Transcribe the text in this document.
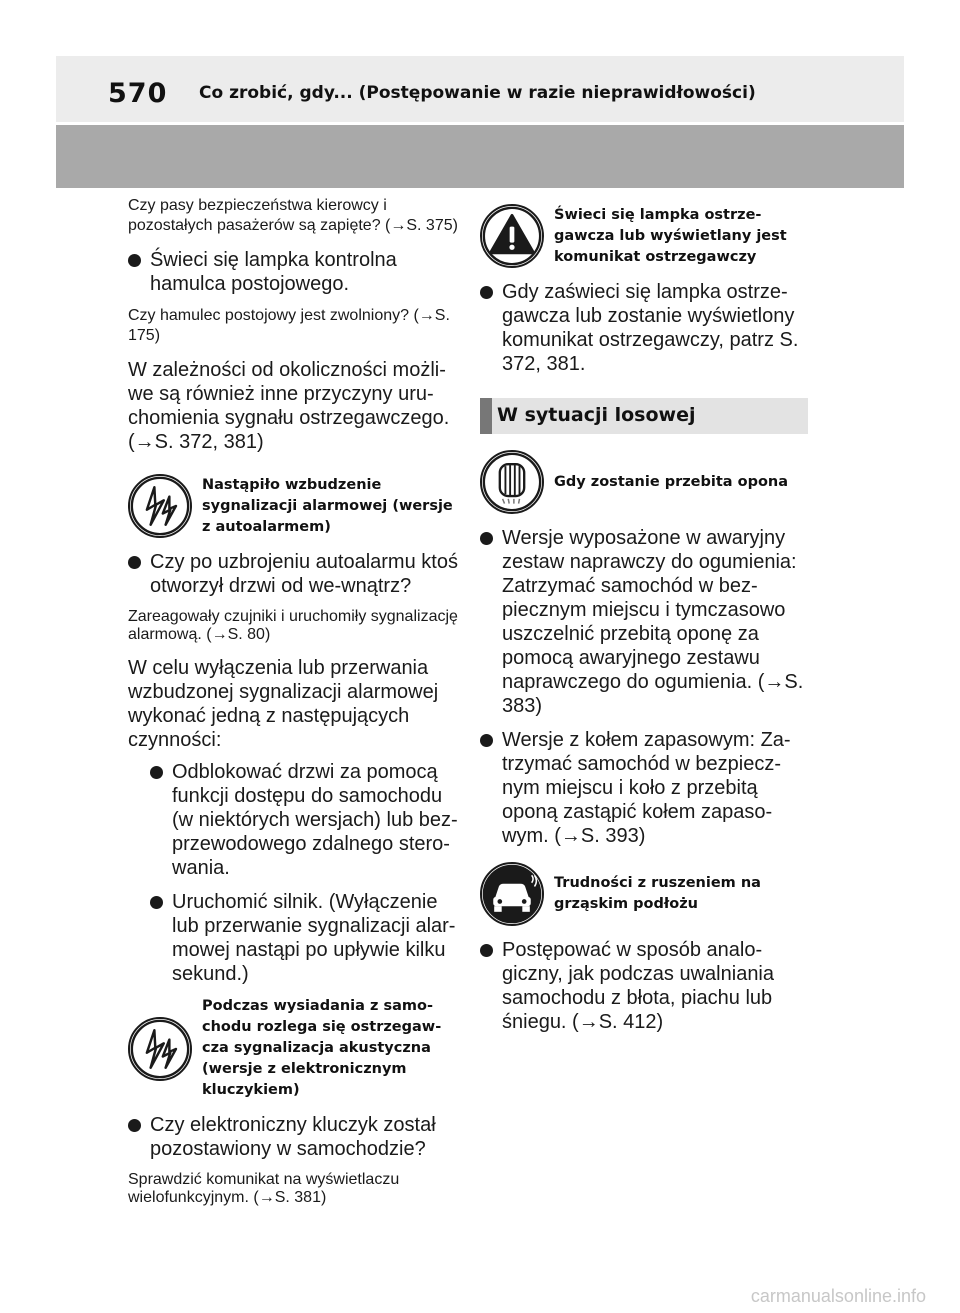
570 Co zrobić, gdy... (Postępowanie w razie nieprawidłowości)

Czy pasy bezpieczeństwa kierowcy i pozostałych pasażerów są zapięte? (→S. 375)

Świeci się lampka kontrolna hamulca postojowego.

Czy hamulec postojowy jest zwolniony? (→S. 175)

W zależności od okoliczności możli-we są również inne przyczyny uru-chomienia sygnału ostrzegawczego. (→S. 372, 381)

Nastąpiło wzbudzenie sygnalizacji alarmowej (wersje z autoalarmem)

Czy po uzbrojeniu autoalarmu ktoś otworzył drzwi od we-wnątrz?

Zareagowały czujniki i uruchomiły sygnalizację alarmową. (→S. 80)

W celu wyłączenia lub przerwania wzbudzonej sygnalizacji alarmowej wykonać jedną z następujących czynności:

Odblokować drzwi za pomocą funkcji dostępu do samochodu (w niektórych wersjach) lub bez-przewodowego zdalnego stero-wania.

Uruchomić silnik. (Wyłączenie lub przerwanie sygnalizacji alar-mowej nastąpi po upływie kilku sekund.)

Podczas wysiadania z samo-chodu rozlega się ostrzegaw-cza sygnalizacja akustyczna (wersje z elektronicznym kluczykiem)

Czy elektroniczny kluczyk został pozostawiony w samochodzie?

Sprawdzić komunikat na wyświetlaczu wielofunkcyjnym. (→S. 381)

Świeci się lampka ostrze-gawcza lub wyświetlany jest komunikat ostrzegawczy

Gdy zaświeci się lampka ostrze-gawcza lub zostanie wyświetlony komunikat ostrzegawczy, patrz S. 372, 381.

W sytuacji losowej
Gdy zostanie przebita opona

Wersje wyposażone w awaryjny zestaw naprawczy do ogumienia: Zatrzymać samochód w bez-piecznym miejscu i tymczasowo uszczelnić przebitą oponę za pomocą awaryjnego zestawu naprawczego do ogumienia. (→S. 383)

Wersje z kołem zapasowym: Za-trzymać samochód w bezpiecz-nym miejscu i koło z przebitą oponą zastąpić kołem zapaso-wym. (→S. 393)

Trudności z ruszeniem na grząskim podłożu

Postępować w sposób analo-giczny, jak podczas uwalniania samochodu z błota, piachu lub śniegu. (→S. 412)

carmanualsonline.info
